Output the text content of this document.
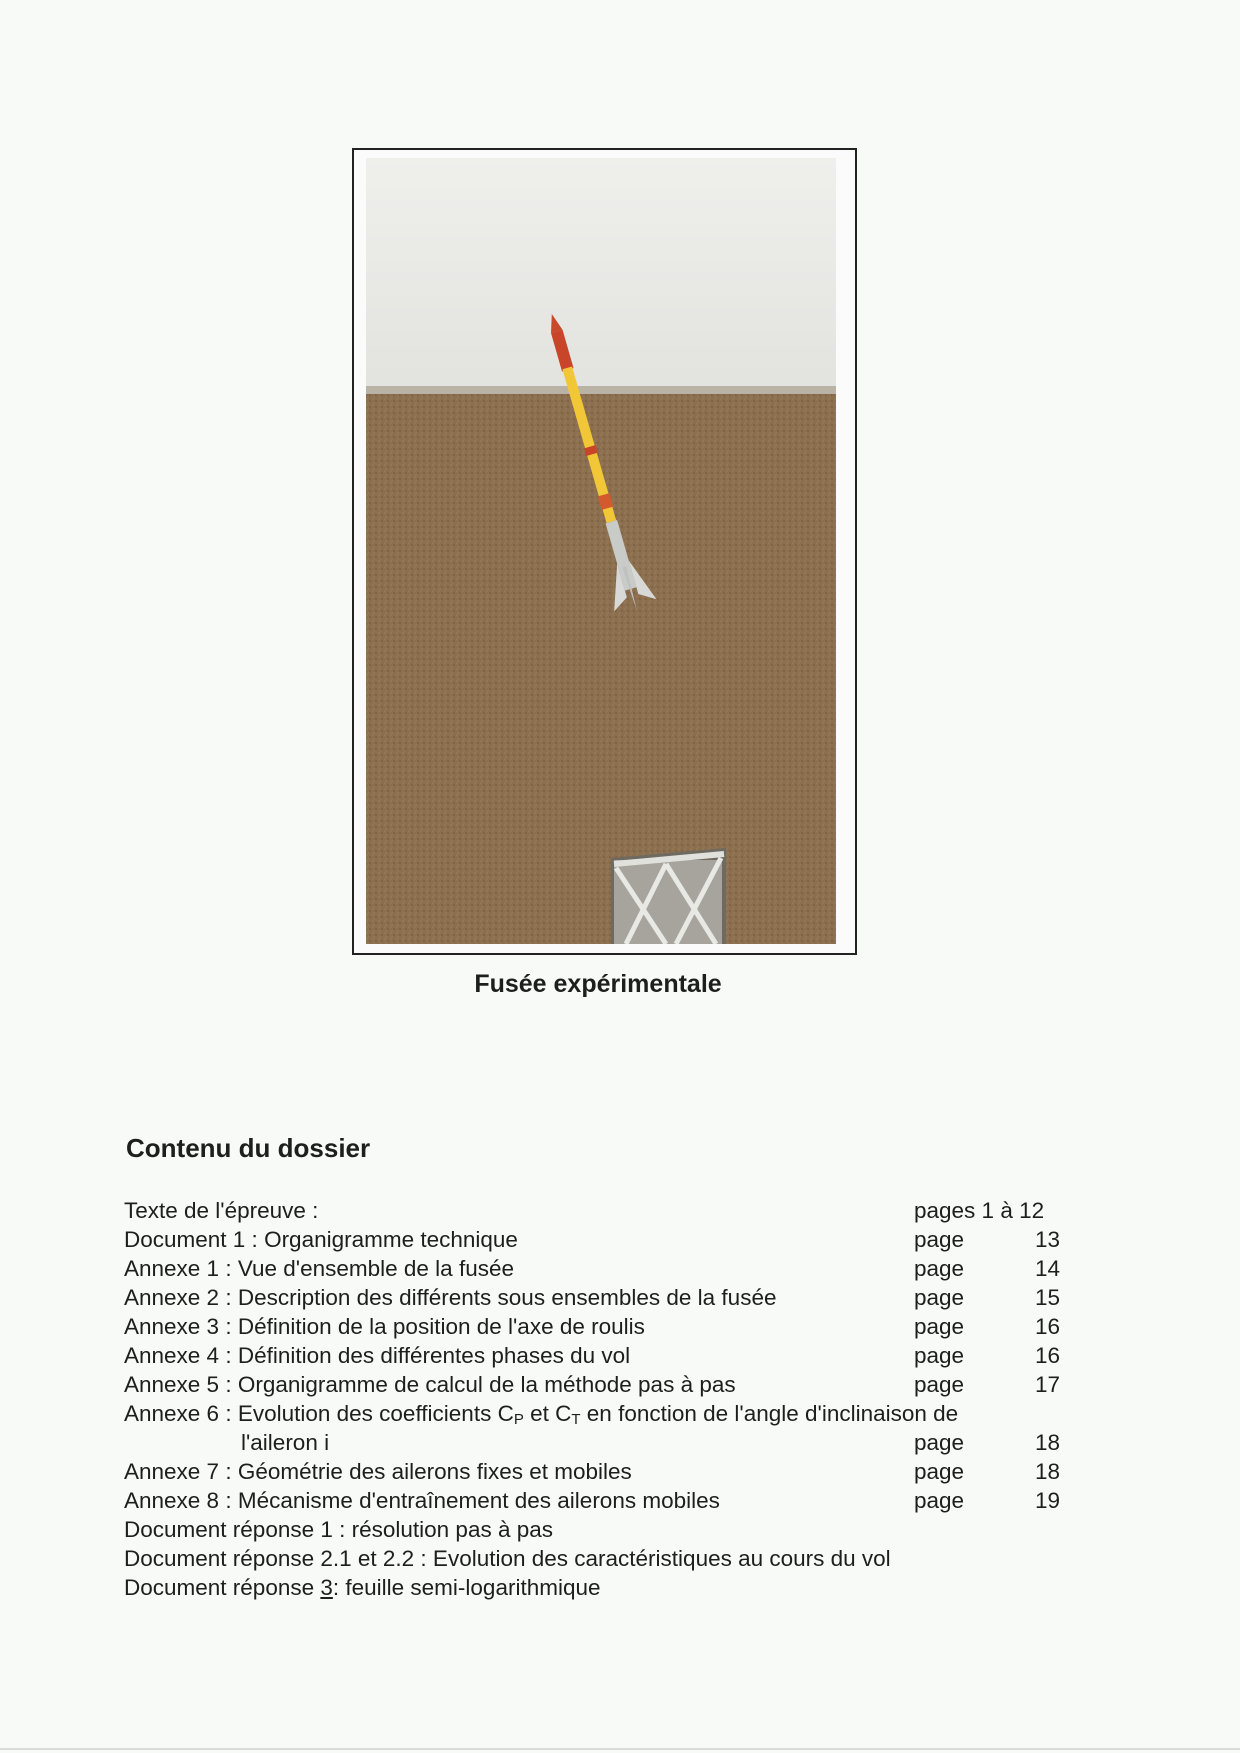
Fusée expérimentale
Contenu du dossier
Texte de l'épreuve :	pages 1 à 12
Document 1 : Organigramme technique	page	13
Annexe 1 : Vue d'ensemble de la fusée	page	14
Annexe 2 : Description des différents sous ensembles de la fusée	page	15
Annexe 3 : Définition de la position de l'axe de roulis	page	16
Annexe 4 : Définition des différentes phases du vol	page	16
Annexe 5 : Organigramme de calcul de la méthode pas à pas	page	17
Annexe 6 : Evolution des coefficients $C_P$ et $C_T$ en fonction de l'angle d'inclinaison de
l'aileron i	page	18
Annexe 7 : Géométrie des ailerons fixes et mobiles	page	18
Annexe 8 : Mécanisme d'entraînement des ailerons mobiles	page	19
Document réponse 1 : résolution pas à pas
Document réponse 2.1 et 2.2 : Evolution des caractéristiques au cours du vol
Document réponse 3: feuille semi-logarithmique
